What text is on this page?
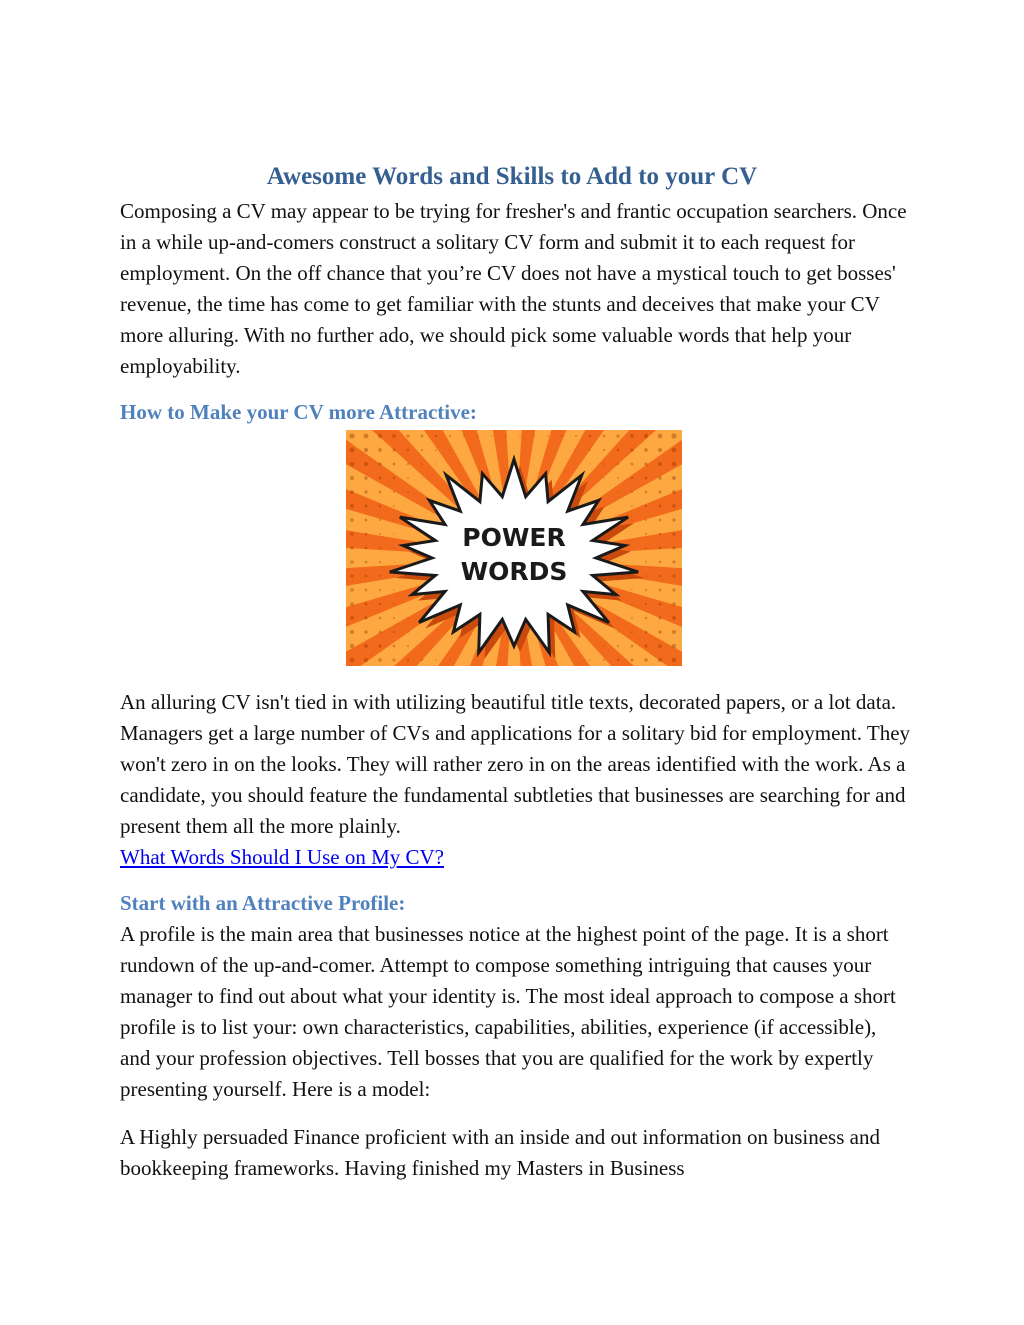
Awesome Words and Skills to Add to your CV

Composing a CV may appear to be trying for fresher's and frantic occupation searchers. Once in a while up-and-comers construct a solitary CV form and submit it to each request for employment. On the off chance that you’re CV does not have a mystical touch to get bosses' revenue, the time has come to get familiar with the stunts and deceives that make your CV more alluring. With no further ado, we should pick some valuable words that help your employability.

How to Make your CV more Attractive:
POWER
WORDS

An alluring CV isn't tied in with utilizing beautiful title texts, decorated papers, or a lot data. Managers get a large number of CVs and applications for a solitary bid for employment. They won't zero in on the looks. They will rather zero in on the areas identified with the work. As a candidate, you should feature the fundamental subtleties that businesses are searching for and present them all the more plainly.
What Words Should I Use on My CV?

Start with an Attractive Profile:

A profile is the main area that businesses notice at the highest point of the page. It is a short rundown of the up-and-comer. Attempt to compose something intriguing that causes your manager to find out about what your identity is. The most ideal approach to compose a short profile is to list your: own characteristics, capabilities, abilities, experience (if accessible), and your profession objectives. Tell bosses that you are qualified for the work by expertly presenting yourself. Here is a model:

A Highly persuaded Finance proficient with an inside and out information on business and bookkeeping frameworks. Having finished my Masters in Business
